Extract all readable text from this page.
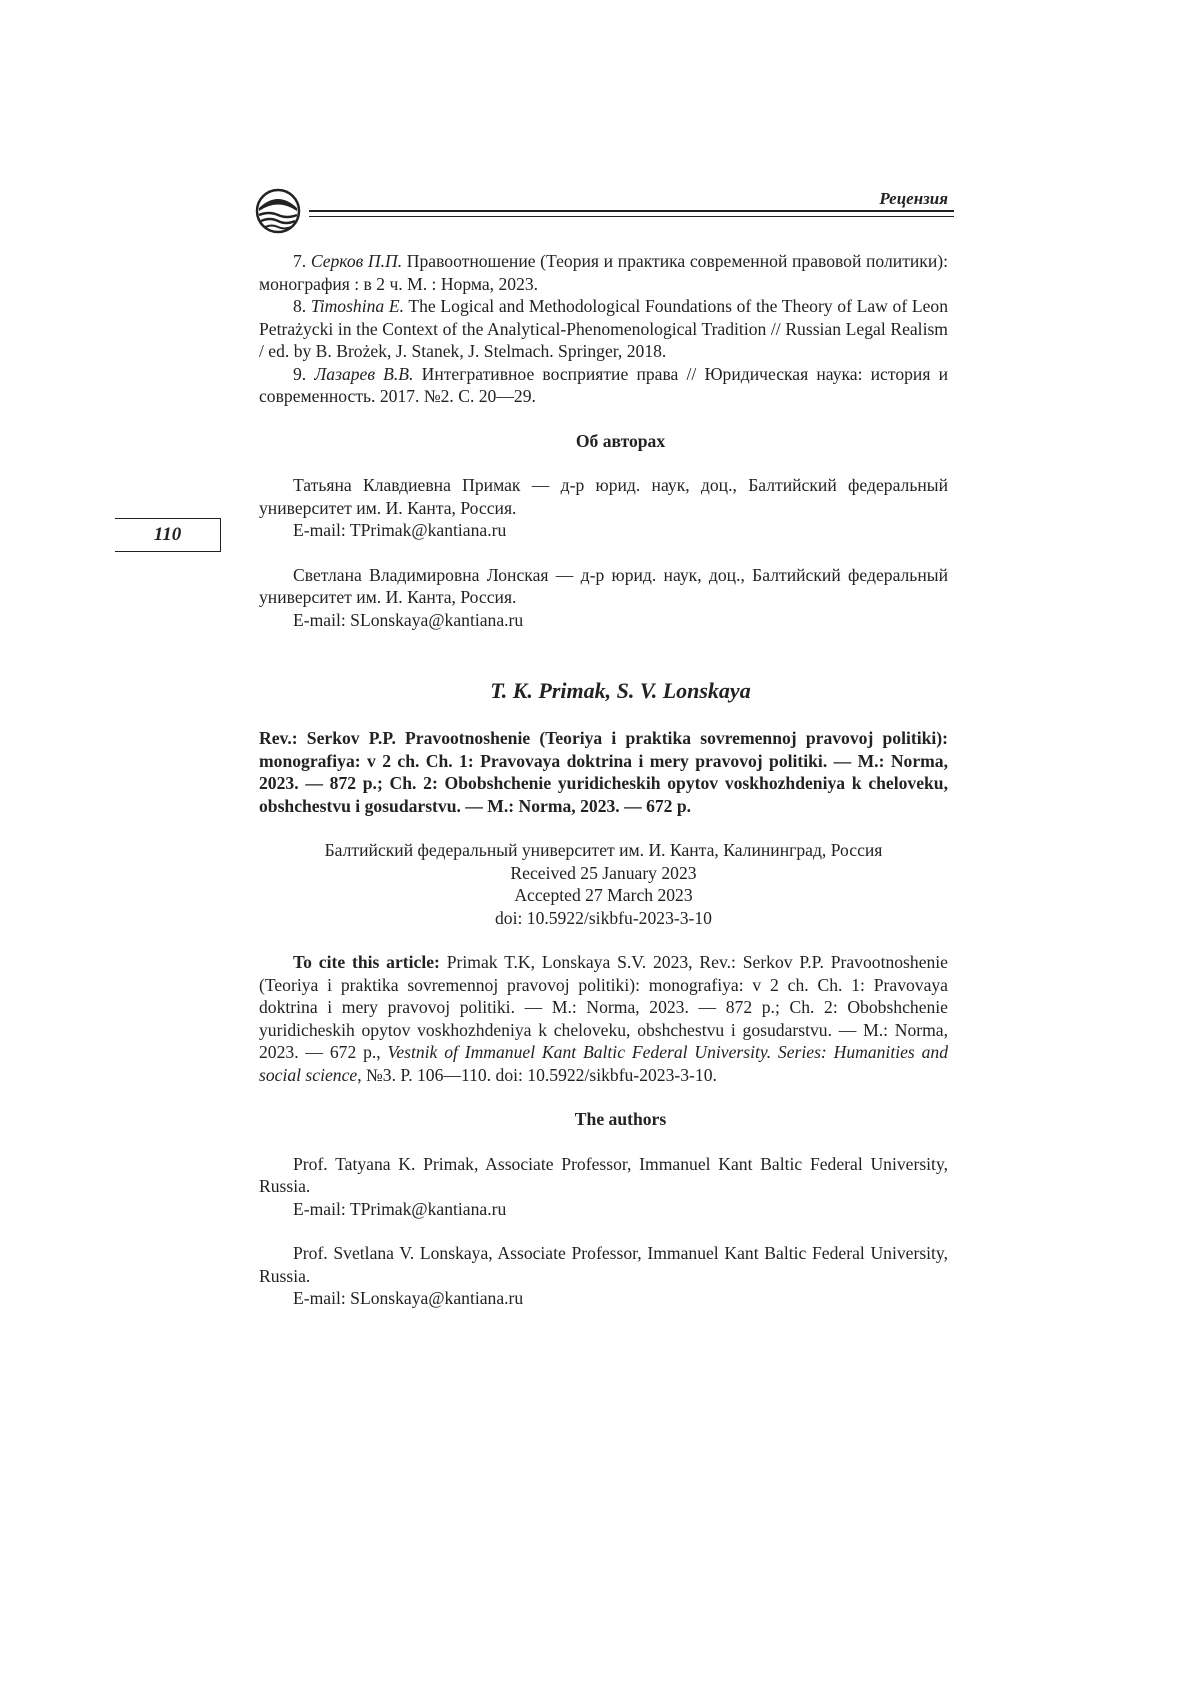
Рецензия
110

7. Серков П.П. Правоотношение (Теория и практика современной правовой политики): монография : в 2 ч. М. : Норма, 2023.

8. Timoshina E. The Logical and Methodological Foundations of the Theory of Law of Leon Petrażycki in the Context of the Analytical-Phenomenological Tradition // Russian Legal Realism / ed. by B. Brożek, J. Stanek, J. Stelmach. Springer, 2018.

9. Лазарев В.В. Интегративное восприятие права // Юридическая наука: история и современность. 2017. №2. С. 20—29.

Об авторах

Татьяна Клавдиевна Примак — д-р юрид. наук, доц., Балтийский федеральный университет им. И. Канта, Россия.

E-mail: TPrimak@kantiana.ru

Светлана Владимировна Лонская — д-р юрид. наук, доц., Балтийский федеральный университет им. И. Канта, Россия.

E-mail: SLonskaya@kantiana.ru

T. K. Primak, S. V. Lonskaya

Rev.: Serkov P.P. Pravootnoshenie (Teoriya i praktika sovremennoj pravovoj politiki): monografiya: v 2 ch. Ch. 1: Pravovaya doktrina i mery pravovoj politiki. — M.: Norma, 2023. — 872 p.; Ch. 2: Obobshchenie yuridicheskih opytov voskhozhdeniya k cheloveku, obshchestvu i gosudarstvu. — M.: Norma, 2023. — 672 p.

Балтийский федеральный университет им. И. Канта, Калининград, Россия

Received 25 January 2023

Accepted 27 March 2023

doi: 10.5922/sikbfu-2023-3-10

To cite this article: Primak T.K, Lonskaya S.V. 2023, Rev.: Serkov P.P. Pravootnoshenie (Teoriya i praktika sovremennoj pravovoj politiki): monografiya: v 2 ch. Ch. 1: Pravovaya doktrina i mery pravovoj politiki. — M.: Norma, 2023. — 872 p.; Ch. 2: Obobshchenie yuridicheskih opytov voskhozhdeniya k cheloveku, obshchestvu i gosudarstvu. — M.: Norma, 2023. — 672 p., Vestnik of Immanuel Kant Baltic Federal University. Series: Humanities and social science, №3. P. 106—110. doi: 10.5922/sikbfu-2023-3-10.

The authors

Prof. Tatyana K. Primak, Associate Professor, Immanuel Kant Baltic Federal University, Russia.

E-mail: TPrimak@kantiana.ru

Prof. Svetlana V. Lonskaya, Associate Professor, Immanuel Kant Baltic Federal University, Russia.

E-mail: SLonskaya@kantiana.ru
